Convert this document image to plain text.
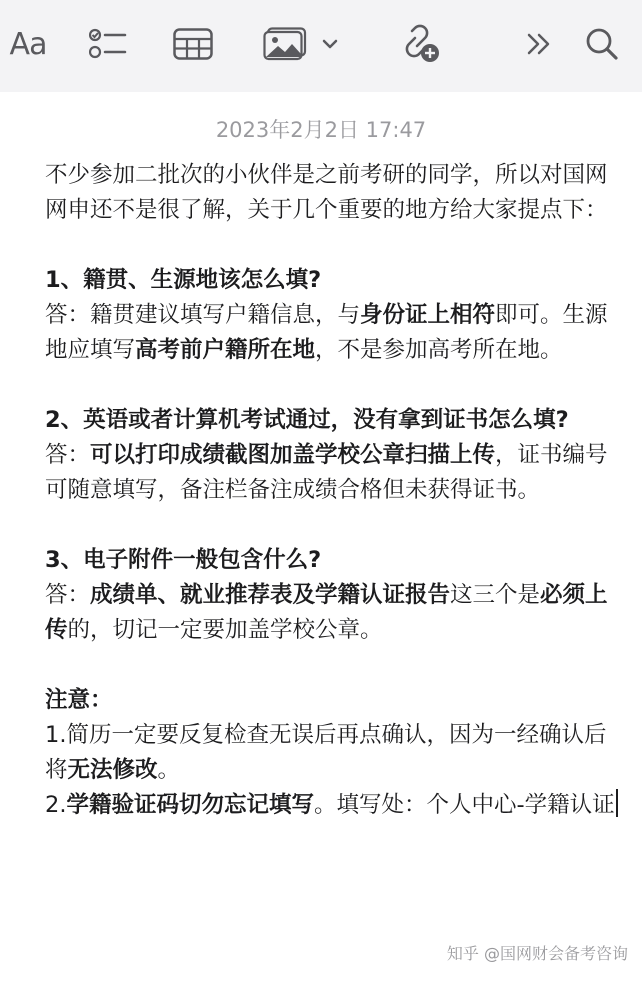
Aa
2023年2月2日 17:47

不少参加二批次的小伙伴是之前考研的同学，所以对国网网申还不是很了解，关于几个重要的地方给大家提点下：

1、籍贯、生源地该怎么填?

答：籍贯建议填写户籍信息，与身份证上相符即可。生源地应填写高考前户籍所在地，不是参加高考所在地。

2、英语或者计算机考试通过，没有拿到证书怎么填?

答：可以打印成绩截图加盖学校公章扫描上传，证书编号可随意填写，备注栏备注成绩合格但未获得证书。

3、电子附件一般包含什么?

答：成绩单、就业推荐表及学籍认证报告这三个是必须上传的，切记一定要加盖学校公章。

注意：

1.简历一定要反复检查无误后再点确认，因为一经确认后将无法修改。

2.学籍验证码切勿忘记填写。填写处：个人中心-学籍认证

知乎 @国网财会备考咨询
